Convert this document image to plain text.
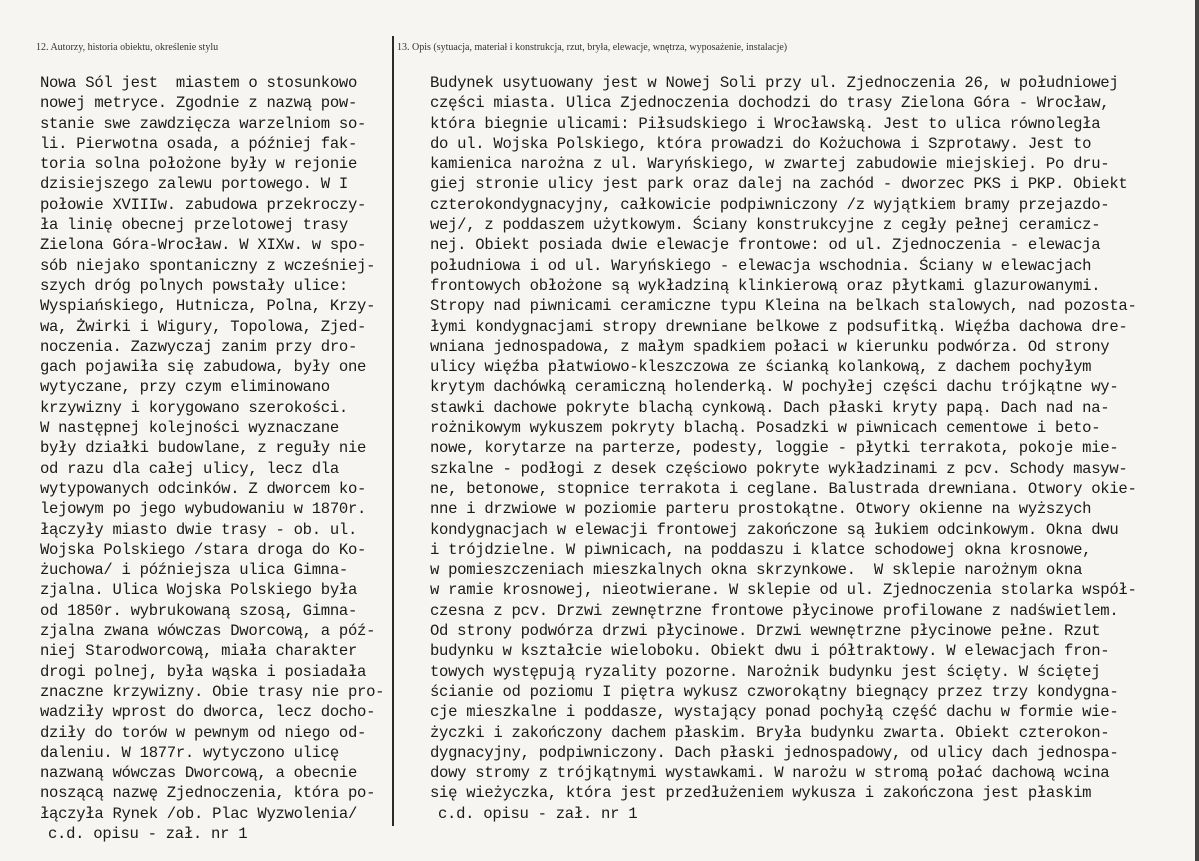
12. Autorzy, historia obiektu, określenie stylu	13. Opis (sytuacja, materiał i konstrukcja, rzut, bryła, elewacje, wnętrza, wyposażenie, instalacje)
Nowa Sól jest  miastem o stosunkowo
nowej metryce. Zgodnie z nazwą pow-
stanie swe zawdzięcza warzelniom so-
li. Pierwotna osada, a później fak-
toria solna położone były w rejonie
dzisiejszego zalewu portowego. W I
połowie XVIIIw. zabudowa przekroczy-
ła linię obecnej przelotowej trasy
Zielona Góra-Wrocław. W XIXw. w spo-
sób niejako spontaniczny z wcześniej-
szych dróg polnych powstały ulice:
Wyspiańskiego, Hutnicza, Polna, Krzy-
wa, Żwirki i Wigury, Topolowa, Zjed-
noczenia. Zazwyczaj zanim przy dro-
gach pojawiła się zabudowa, były one
wytyczane, przy czym eliminowano
krzywizny i korygowano szerokości.
W następnej kolejności wyznaczane
były działki budowlane, z reguły nie
od razu dla całej ulicy, lecz dla
wytypowanych odcinków. Z dworcem ko-
lejowym po jego wybudowaniu w 1870r.
łączyły miasto dwie trasy - ob. ul.
Wojska Polskiego /stara droga do Ko-
żuchowa/ i późniejsza ulica Gimna-
zjalna. Ulica Wojska Polskiego była
od 1850r. wybrukowaną szosą, Gimna-
zjalna zwana wówczas Dworcową, a póź-
niej Starodworcową, miała charakter
drogi polnej, była wąska i posiadała
znaczne krzywizny. Obie trasy nie pro-
wadziły wprost do dworca, lecz docho-
dziły do torów w pewnym od niego od-
daleniu. W 1877r. wytyczono ulicę
nazwaną wówczas Dworcową, a obecnie
noszącą nazwę Zjednoczenia, która po-
łączyła Rynek /ob. Plac Wyzwolenia/
c.d. opisu - zał. nr 1
Budynek usytuowany jest w Nowej Soli przy ul. Zjednoczenia 26, w południowej
części miasta. Ulica Zjednoczenia dochodzi do trasy Zielona Góra - Wrocław,
która biegnie ulicami: Piłsudskiego i Wrocławską. Jest to ulica równoległa
do ul. Wojska Polskiego, która prowadzi do Kożuchowa i Szprotawy. Jest to
kamienica narożna z ul. Waryńskiego, w zwartej zabudowie miejskiej. Po dru-
giej stronie ulicy jest park oraz dalej na zachód - dworzec PKS i PKP. Obiekt
czterokondygnacyjny, całkowicie podpiwniczony /z wyjątkiem bramy przejazdo-
wej/, z poddaszem użytkowym. Ściany konstrukcyjne z cegły pełnej ceramicz-
nej. Obiekt posiada dwie elewacje frontowe: od ul. Zjednoczenia - elewacja
południowa i od ul. Waryńskiego - elewacja wschodnia. Ściany w elewacjach
frontowych obłożone są wykładziną klinkierową oraz płytkami glazurowanymi.
Stropy nad piwnicami ceramiczne typu Kleina na belkach stalowych, nad pozosta-
łymi kondygnacjami stropy drewniane belkowe z podsufitką. Więźba dachowa dre-
wniana jednospadowa, z małym spadkiem połaci w kierunku podwórza. Od strony
ulicy więźba płatwiowo-kleszczowa ze ścianką kolankową, z dachem pochyłym
krytym dachówką ceramiczną holenderką. W pochyłej części dachu trójkątne wy-
stawki dachowe pokryte blachą cynkową. Dach płaski kryty papą. Dach nad na-
rożnikowym wykuszem pokryty blachą. Posadzki w piwnicach cementowe i beto-
nowe, korytarze na parterze, podesty, loggie - płytki terrakota, pokoje mie-
szkalne - podłogi z desek częściowo pokryte wykładzinami z pcv. Schody masyw-
ne, betonowe, stopnice terrakota i ceglane. Balustrada drewniana. Otwory okie-
nne i drzwiowe w poziomie parteru prostokątne. Otwory okienne na wyższych
kondygnacjach w elewacji frontowej zakończone są łukiem odcinkowym. Okna dwu
i trójdzielne. W piwnicach, na poddaszu i klatce schodowej okna krosnowe,
w pomieszczeniach mieszkalnych okna skrzynkowe.  W sklepie narożnym okna
w ramie krosnowej, nieotwierane. W sklepie od ul. Zjednoczenia stolarka współ-
czesna z pcv. Drzwi zewnętrzne frontowe płycinowe profilowane z nadświetlem.
Od strony podwórza drzwi płycinowe. Drzwi wewnętrzne płycinowe pełne. Rzut
budynku w kształcie wieloboku. Obiekt dwu i półtraktowy. W elewacjach fron-
towych występują ryzality pozorne. Narożnik budynku jest ścięty. W ściętej
ścianie od poziomu I piętra wykusz czworokątny biegnący przez trzy kondygna-
cje mieszkalne i poddasze, wystający ponad pochyłą część dachu w formie wie-
życzki i zakończony dachem płaskim. Bryła budynku zwarta. Obiekt czterokon-
dygnacyjny, podpiwniczony. Dach płaski jednospadowy, od ulicy dach jednospa-
dowy stromy z trójkątnymi wystawkami. W narożu w stromą połać dachową wcina
się wieżyczka, która jest przedłużeniem wykusza i zakończona jest płaskim
c.d. opisu - zał. nr 1
